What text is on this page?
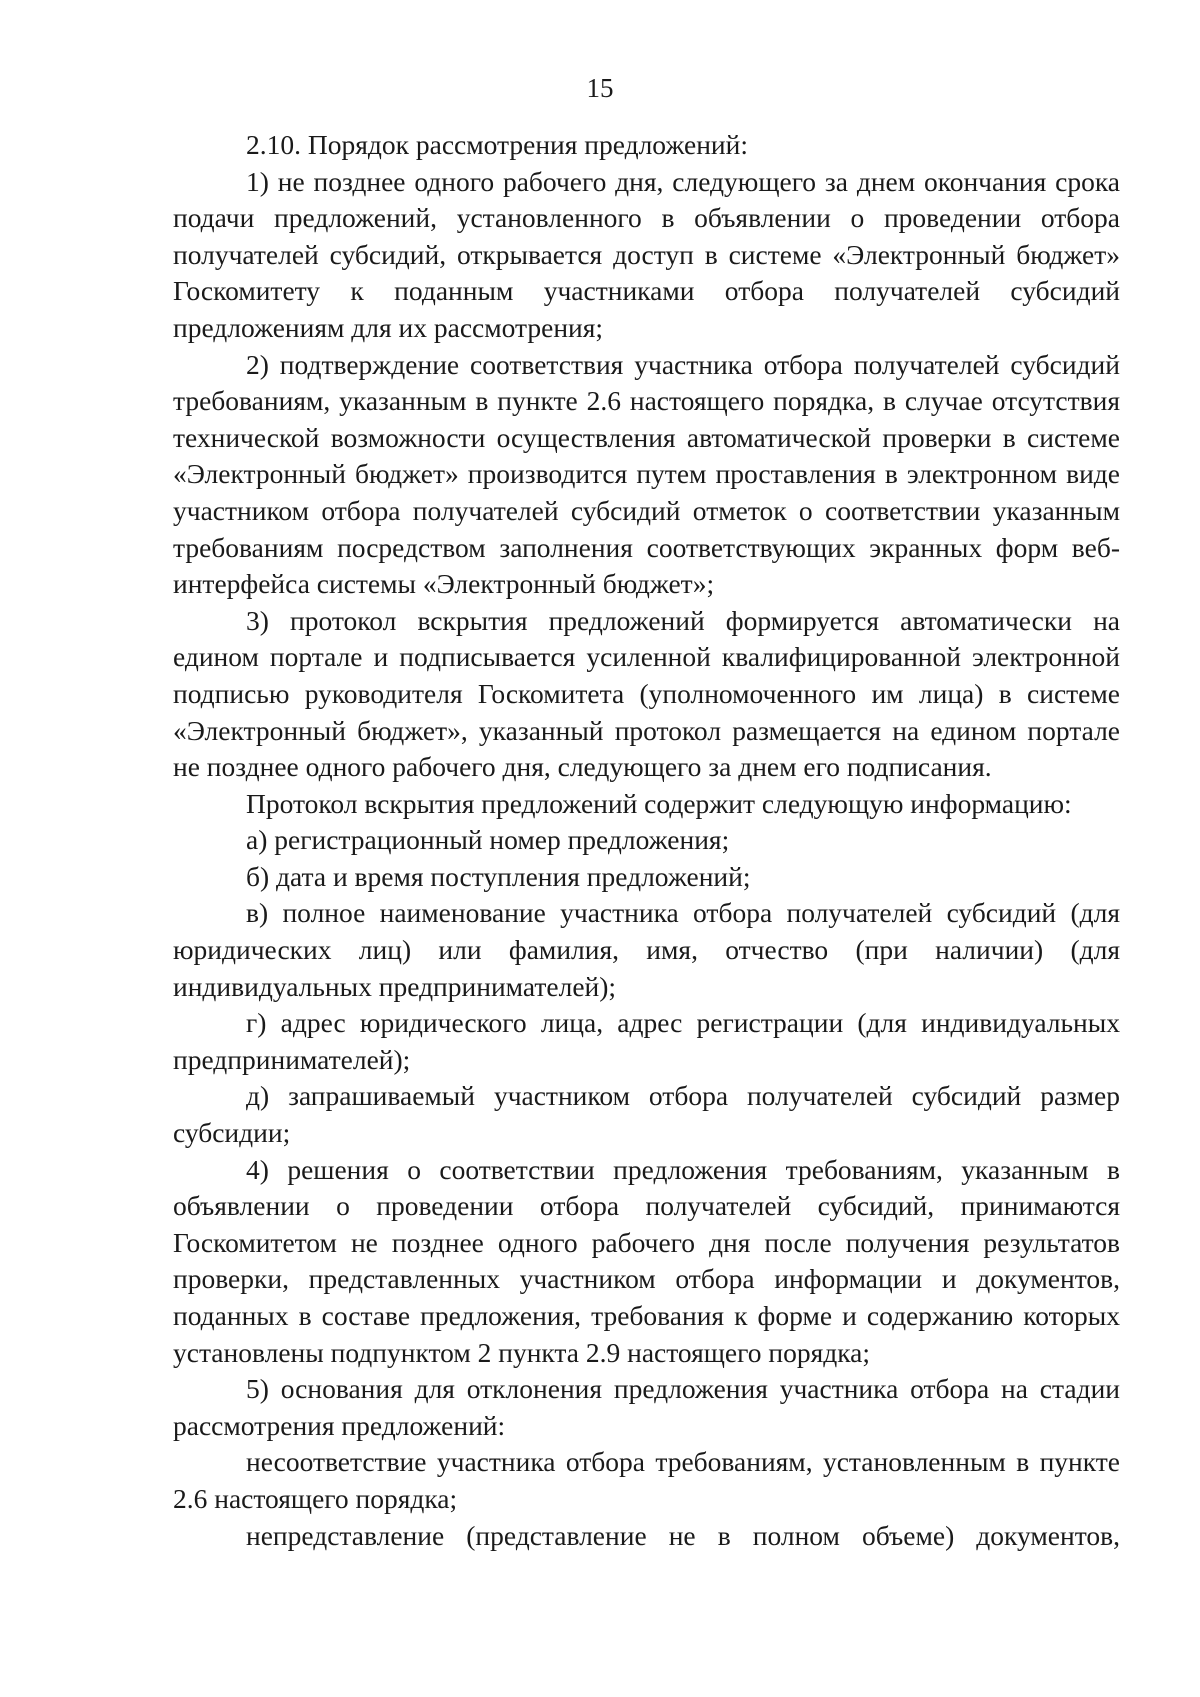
15

2.10. Порядок рассмотрения предложений:

1) не позднее одного рабочего дня, следующего за днем окончания срока подачи предложений, установленного в объявлении о проведении отбора получателей субсидий, открывается доступ в системе «Электронный бюджет» Госкомитету к поданным участниками отбора получателей субсидий предложениям для их рассмотрения;

2) подтверждение соответствия участника отбора получателей субсидий требованиям, указанным в пункте 2.6 настоящего порядка, в случае отсутствия технической возможности осуществления автоматической проверки в системе «Электронный бюджет» производится путем проставления в электронном виде участником отбора получателей субсидий отметок о соответствии указанным требованиям посредством заполнения соответствующих экранных форм веб-интерфейса системы «Электронный бюджет»;

3) протокол вскрытия предложений формируется автоматически на едином портале и подписывается усиленной квалифицированной электронной подписью руководителя Госкомитета (уполномоченного им лица) в системе «Электронный бюджет», указанный протокол размещается на едином портале не позднее одного рабочего дня, следующего за днем его подписания.

Протокол вскрытия предложений содержит следующую информацию:

а) регистрационный номер предложения;

б) дата и время поступления предложений;

в) полное наименование участника отбора получателей субсидий (для юридических лиц) или фамилия, имя, отчество (при наличии) (для индивидуальных предпринимателей);

г) адрес юридического лица, адрес регистрации (для индивидуальных предпринимателей);

д) запрашиваемый участником отбора получателей субсидий размер субсидии;

4) решения о соответствии предложения требованиям, указанным в объявлении о проведении отбора получателей субсидий, принимаются Госкомитетом не позднее одного рабочего дня после получения результатов проверки, представленных участником отбора информации и документов, поданных в составе предложения, требования к форме и содержанию которых установлены подпунктом 2 пункта 2.9 настоящего порядка;

5) основания для отклонения предложения участника отбора на стадии рассмотрения предложений:

несоответствие участника отбора требованиям, установленным в пункте 2.6 настоящего порядка;

непредставление (представление не в полном объеме) документов,
